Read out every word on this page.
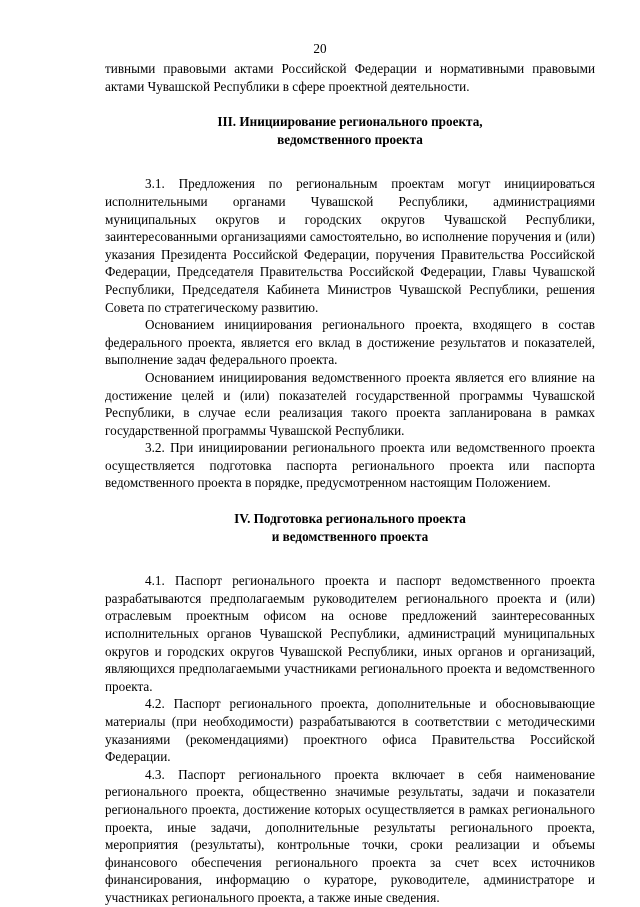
20

тивными правовыми актами Российской Федерации и нормативными правовыми актами Чувашской Республики в сфере проектной деятельности.

III. Инициирование регионального проекта,
ведомственного проекта

3.1. Предложения по региональным проектам могут инициироваться исполнительными органами Чувашской Республики, администрациями муниципальных округов и городских округов Чувашской Республики, заинтересованными организациями самостоятельно, во исполнение поручения и (или) указания Президента Российской Федерации, поручения Правительства Российской Федерации, Председателя Правительства Российской Федерации, Главы Чувашской Республики, Председателя Кабинета Министров Чувашской Республики, решения Совета по стратегическому развитию.

Основанием инициирования регионального проекта, входящего в состав федерального проекта, является его вклад в достижение результатов и показателей, выполнение задач федерального проекта.

Основанием инициирования ведомственного проекта является его влияние на достижение целей и (или) показателей государственной программы Чувашской Республики, в случае если реализация такого проекта запланирована в рамках государственной программы Чувашской Республики.

3.2. При инициировании регионального проекта или ведомственного проекта осуществляется подготовка паспорта регионального проекта или паспорта ведомственного проекта в порядке, предусмотренном настоящим Положением.

IV. Подготовка регионального проекта
и ведомственного проекта

4.1. Паспорт регионального проекта и паспорт ведомственного проекта разрабатываются предполагаемым руководителем регионального проекта и (или) отраслевым проектным офисом на основе предложений заинтересованных исполнительных органов Чувашской Республики, администраций муниципальных округов и городских округов Чувашской Республики, иных органов и организаций, являющихся предполагаемыми участниками регионального проекта и ведомственного проекта.

4.2. Паспорт регионального проекта, дополнительные и обосновывающие материалы (при необходимости) разрабатываются в соответствии с методическими указаниями (рекомендациями) проектного офиса Правительства Российской Федерации.

4.3. Паспорт регионального проекта включает в себя наименование регионального проекта, общественно значимые результаты, задачи и показатели регионального проекта, достижение которых осуществляется в рамках регионального проекта, иные задачи, дополнительные результаты регионального проекта, мероприятия (результаты), контрольные точки, сроки реализации и объемы финансового обеспечения регионального проекта за счет всех источников финансирования, информацию о кураторе, руководителе, администраторе и участниках регионального проекта, а также иные сведения.
